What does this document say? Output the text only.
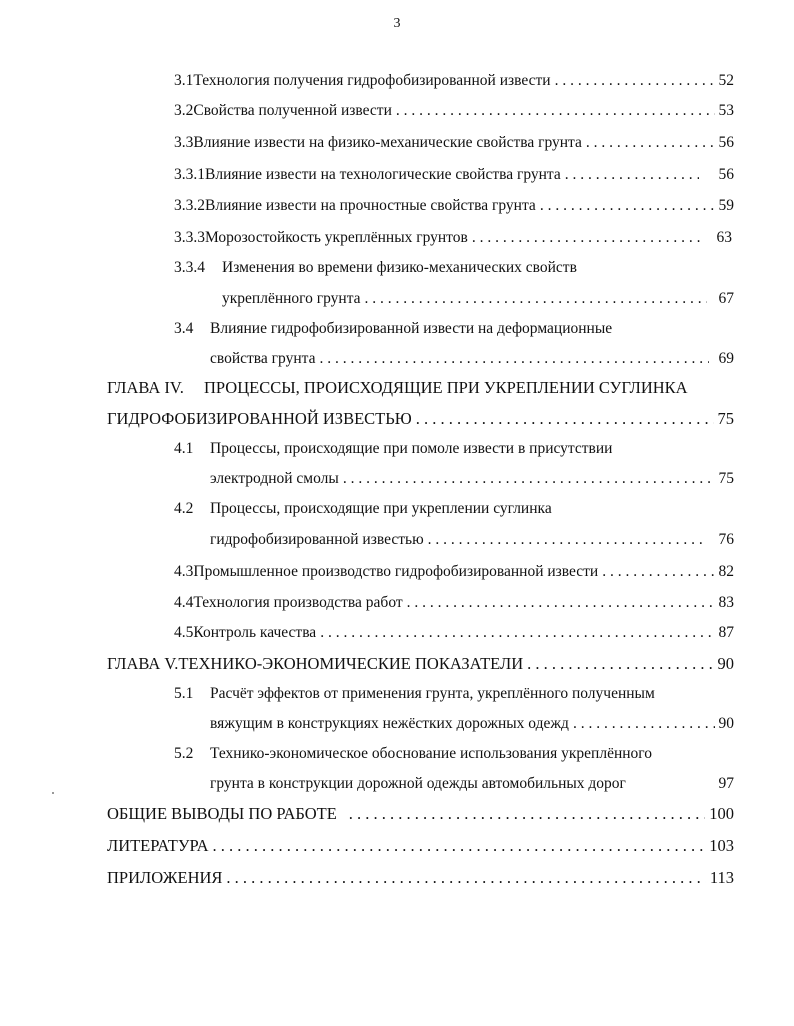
3
3.1 Технология получения гидрофобизированной извести . . .	52
3.2 Свойства полученной извести . . .	53
3.3 Влияние извести на физико-механические свойства грунта . . .	56
3.3.1 Влияние извести на технологические свойства грунта . . .	56
3.3.2 Влияние извести на прочностные свойства грунта . . .	59
3.3.3 Морозостойкость укреплённых грунтов . . .	63
3.3.4	Изменения во времени физико-механических свойств
укреплённого грунта . . .	67
3.4	Влияние гидрофобизированной извести на деформационные
свойства грунта . . .	69
ГЛАВА IV.	ПРОЦЕССЫ, ПРОИСХОДЯЩИЕ ПРИ УКРЕПЛЕНИИ СУГЛИНКА
ГИДРОФОБИЗИРОВАННОЙ ИЗВЕСТЬЮ . . .	75
4.1	Процессы, происходящие при помоле извести в присутствии
электродной смолы . . .	75
4.2	Процессы, происходящие при укреплении суглинка
гидрофобизированной известью . . .	76
4.3 Промышленное производство гидрофобизированной извести . . .	82
4.4 Технология производства работ . . .	83
4.5 Контроль качества . . .	87
ГЛАВА V. ТЕХНИКО-ЭКОНОМИЧЕСКИЕ ПОКАЗАТЕЛИ . . .	90
5.1	Расчёт эффектов от применения грунта, укреплённого полученным
вяжущим в конструкциях нежёстких дорожных одежд . . .	90
5.2	Технико-экономическое обоснование использования укреплённого
грунта в конструкции дорожной одежды автомобильных дорог	97
ОБЩИЕ ВЫВОДЫ ПО РАБОТЕ . . .	100
ЛИТЕРАТУРА . . .	103
ПРИЛОЖЕНИЯ . . .	113
